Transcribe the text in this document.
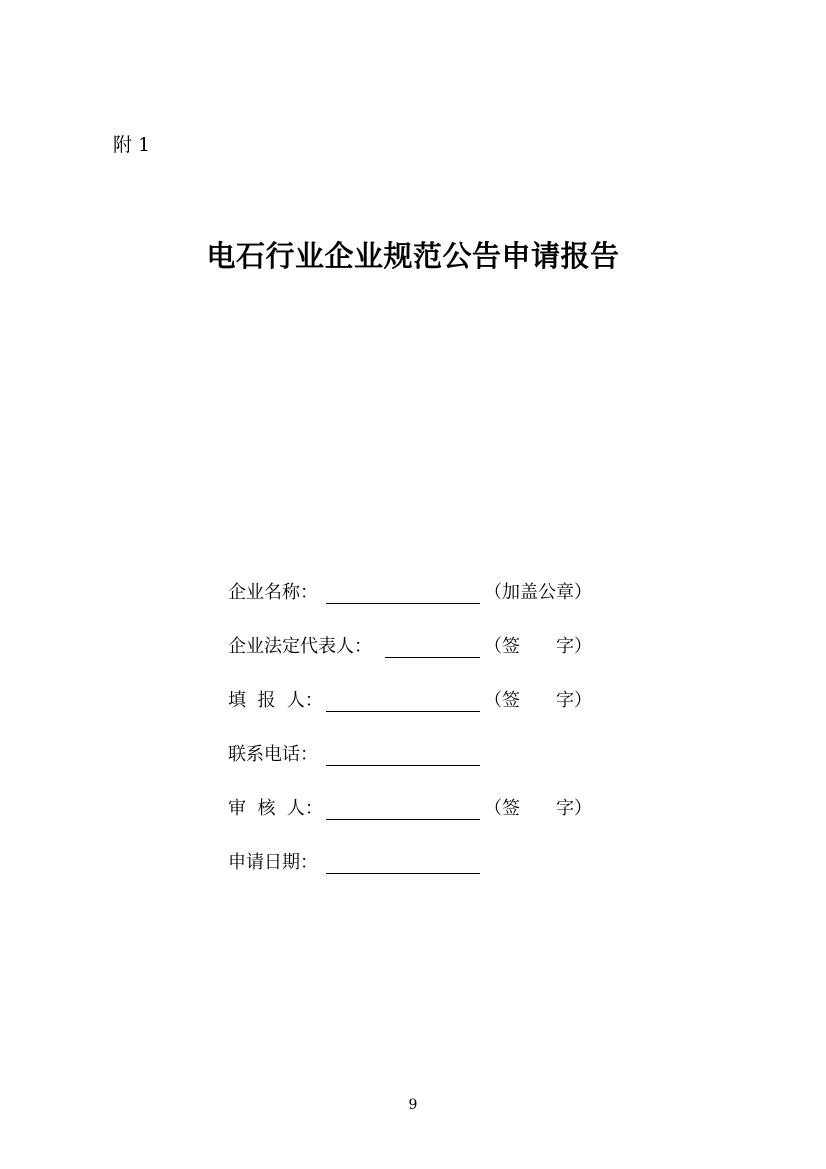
附 1
电石行业企业规范公告申请报告
企业名称：	（加盖公章）
企业法定代表人：	（签　　字）
填  报  人：	（签　　字）
联系电话：
审  核  人：	（签　　字）
申请日期：
9
